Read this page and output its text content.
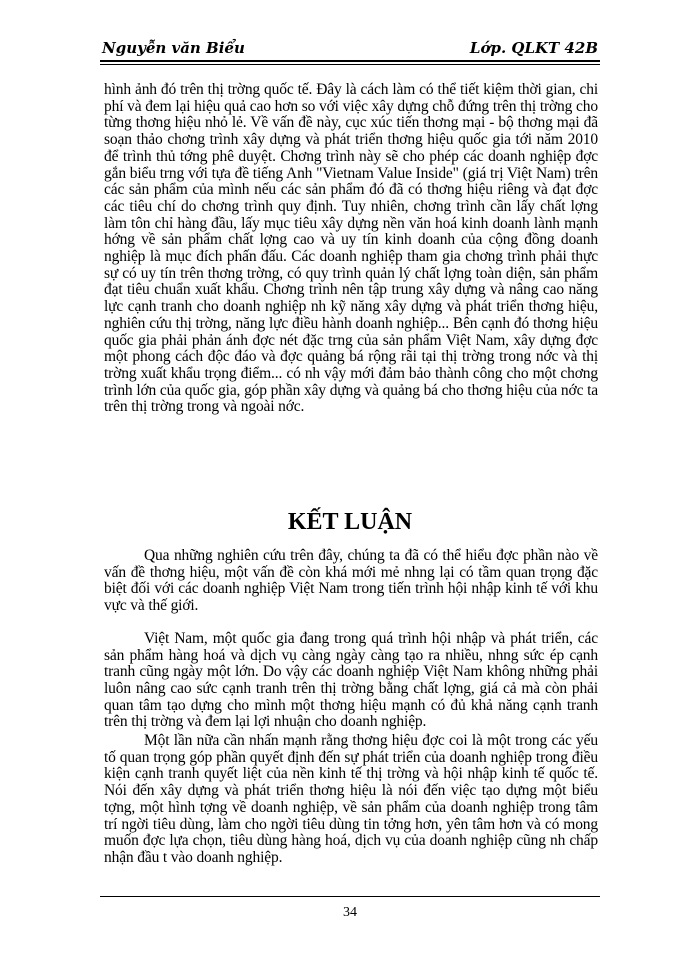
Nguyễn văn Biểu	Lớp. QLKT 42B

hình ảnh đó trên thị trờng quốc tế. Đây là cách làm có thể tiết kiệm thời gian, chi phí và đem lại hiệu quả cao hơn so với việc xây dựng chỗ đứng trên thị trờng cho từng thơng hiệu nhỏ lẻ. Về vấn đề này, cục xúc tiến thơng mại - bộ thơng mại đã soạn thảo chơng trình xây dựng và phát triển thơng hiệu quốc gia tới năm 2010 để trình thủ tớng phê duyệt. Chơng trình này sẽ cho phép các doanh nghiệp đợc gắn biểu trng với tựa đề tiếng Anh "Vietnam Value Inside" (giá trị Việt Nam) trên các sản phẩm của mình nếu các sản phẩm đó đã có thơng hiệu riêng và đạt đợc các tiêu chí do chơng trình quy định. Tuy nhiên, chơng trình cần lấy chất lợng làm tôn chỉ hàng đầu, lấy mục tiêu xây dựng nền văn hoá kinh doanh lành mạnh hớng về sản phẩm chất lợng cao và uy tín kinh doanh của cộng đồng doanh nghiệp là mục đích phấn đấu. Các doanh nghiệp tham gia chơng trình phải thực sự có uy tín trên thơng trờng, có quy trình quản lý chất lợng toàn diện, sản phẩm đạt tiêu chuẩn xuất khẩu. Chơng trình nên tập trung xây dựng và nâng cao năng lực cạnh tranh cho doanh nghiệp nh kỹ năng xây dựng và phát triển thơng hiệu, nghiên cứu thị trờng, năng lực điều hành doanh nghiệp... Bên cạnh đó thơng hiệu quốc gia phải phản ánh đợc nét đặc trng của sản phẩm Việt Nam, xây dựng đợc một phong cách độc đáo và đợc quảng bá rộng rãi tại thị trờng trong nớc và thị trờng xuất khẩu trọng điểm... có nh vậy mới đảm bảo thành công cho một chơng trình lớn của quốc gia, góp phần xây dựng và quảng bá cho thơng hiệu của nớc ta trên thị trờng trong và ngoài nớc.

KẾT LUẬN

Qua những nghiên cứu trên đây, chúng ta đã có thể hiểu đợc phần nào về vấn đề thơng hiệu, một vấn đề còn khá mới mẻ nhng lại có tầm quan trọng đặc biệt đối với các doanh nghiệp Việt Nam trong tiến trình hội nhập kinh tế với khu vực và thế giới.

Việt Nam, một quốc gia đang trong quá trình hội nhập và phát triển, các sản phẩm hàng hoá và dịch vụ càng ngày càng tạo ra nhiều, nhng sức ép cạnh tranh cũng ngày một lớn. Do vậy các doanh nghiệp Việt Nam không những phải luôn nâng cao sức cạnh tranh trên thị trờng bằng chất lợng, giá cả mà còn phải quan tâm tạo dựng cho mình một thơng hiệu mạnh có đủ khả năng cạnh tranh trên thị trờng và đem lại lợi nhuận cho doanh nghiệp.

Một lần nữa cần nhấn mạnh rằng thơng hiệu đợc coi là một trong các yếu tố quan trọng góp phần quyết định đến sự phát triển của doanh nghiệp trong điều kiện cạnh tranh quyết liệt của nền kinh tế thị trờng và hội nhập kinh tế quốc tế. Nói đến xây dựng và phát triển thơng hiệu là nói đến việc tạo dựng một biểu tợng, một hình tợng về doanh nghiệp, về sản phẩm của doanh nghiệp trong tâm trí ngời tiêu dùng, làm cho ngời tiêu dùng tin tởng hơn, yên tâm hơn và có mong muốn đợc lựa chọn, tiêu dùng hàng hoá, dịch vụ của doanh nghiệp cũng nh chấp nhận đầu t vào doanh nghiệp.

34
